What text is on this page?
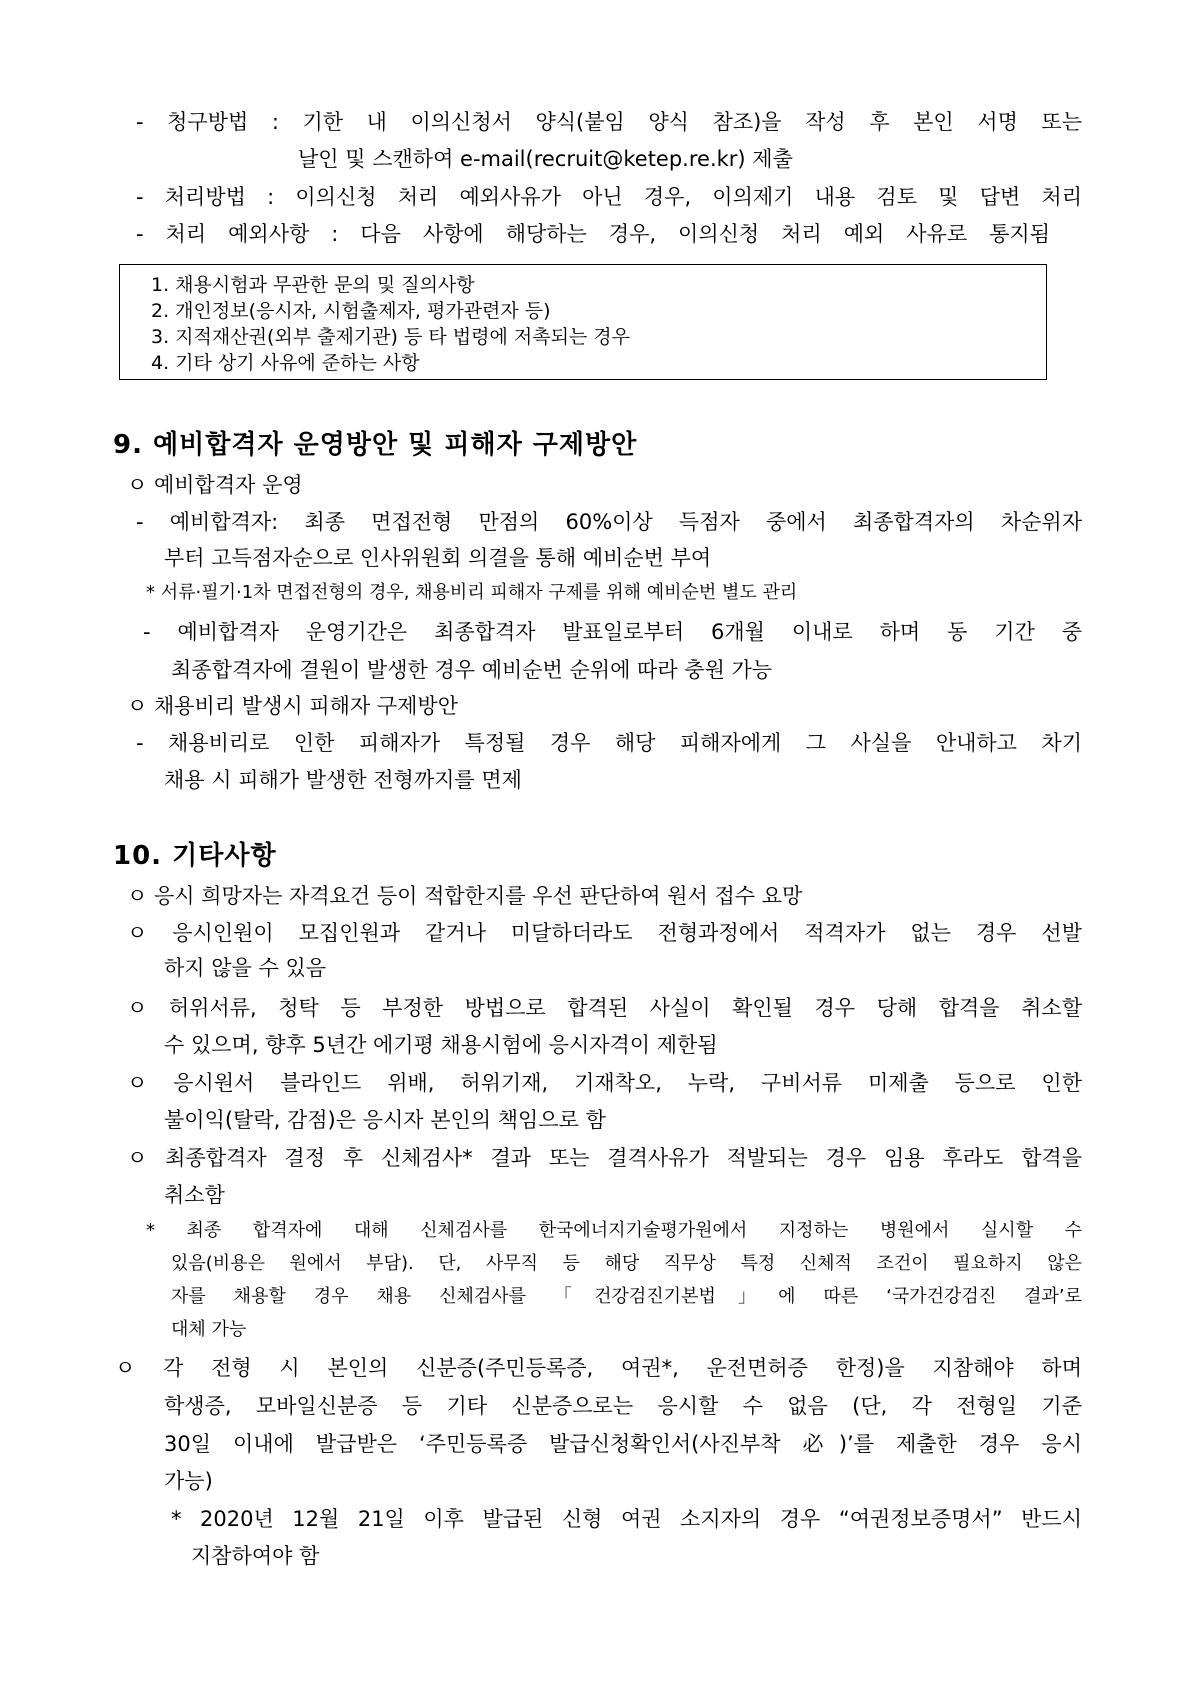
- 청구방법 : 기한 내 이의신청서 양식(붙임 양식 참조)을 작성 후 본인 서명 또는
날인 및 스캔하여 e-mail(recruit@ketep.re.kr) 제출
- 처리방법 : 이의신청 처리 예외사유가 아닌 경우, 이의제기 내용 검토 및 답변 처리
- 처리 예외사항 : 다음 사항에 해당하는 경우, 이의신청 처리 예외 사유로 통지됨
1. 채용시험과 무관한 문의 및 질의사항
2. 개인정보(응시자, 시험출제자, 평가관련자 등)
3. 지적재산권(외부 출제기관) 등 타 법령에 저촉되는 경우
4. 기타 상기 사유에 준하는 사항
9. 예비합격자 운영방안 및 피해자 구제방안
ㅇ 예비합격자 운영
- 예비합격자: 최종 면접전형 만점의 60%이상 득점자 중에서 최종합격자의 차순위자
부터 고득점자순으로 인사위원회 의결을 통해 예비순번 부여
* 서류·필기·1차 면접전형의 경우, 채용비리 피해자 구제를 위해 예비순번 별도 관리
- 예비합격자 운영기간은 최종합격자 발표일로부터 6개월 이내로 하며 동 기간 중
최종합격자에 결원이 발생한 경우 예비순번 순위에 따라 충원 가능
ㅇ 채용비리 발생시 피해자 구제방안
- 채용비리로 인한 피해자가 특정될 경우 해당 피해자에게 그 사실을 안내하고 차기
채용 시 피해가 발생한 전형까지를 면제
10. 기타사항
ㅇ 응시 희망자는 자격요건 등이 적합한지를 우선 판단하여 원서 접수 요망
ㅇ 응시인원이 모집인원과 같거나 미달하더라도 전형과정에서 적격자가 없는 경우 선발
하지 않을 수 있음
ㅇ 허위서류, 청탁 등 부정한 방법으로 합격된 사실이 확인될 경우 당해 합격을 취소할
수 있으며, 향후 5년간 에기평 채용시험에 응시자격이 제한됨
ㅇ 응시원서 블라인드 위배, 허위기재, 기재착오, 누락, 구비서류 미제출 등으로 인한
불이익(탈락, 감점)은 응시자 본인의 책임으로 함
ㅇ 최종합격자 결정 후 신체검사* 결과 또는 결격사유가 적발되는 경우 임용 후라도 합격을
취소함
* 최종 합격자에 대해 신체검사를 한국에너지기술평가원에서 지정하는 병원에서 실시할 수
있음(비용은 원에서 부담). 단, 사무직 등 해당 직무상 특정 신체적 조건이 필요하지 않은
자를 채용할 경우 채용 신체검사를 「건강검진기본법」에 따른 ‘국가건강검진 결과’로
대체 가능
ㅇ 각 전형 시 본인의 신분증(주민등록증, 여권*, 운전면허증 한정)을 지참해야 하며
학생증, 모바일신분증 등 기타 신분증으로는 응시할 수 없음 (단, 각 전형일 기준
30일 이내에 발급받은 ‘주민등록증 발급신청확인서(사진부착 必)’를 제출한 경우 응시
가능)
* 2020년 12월 21일 이후 발급된 신형 여권 소지자의 경우 “여권정보증명서” 반드시
지참하여야 함
